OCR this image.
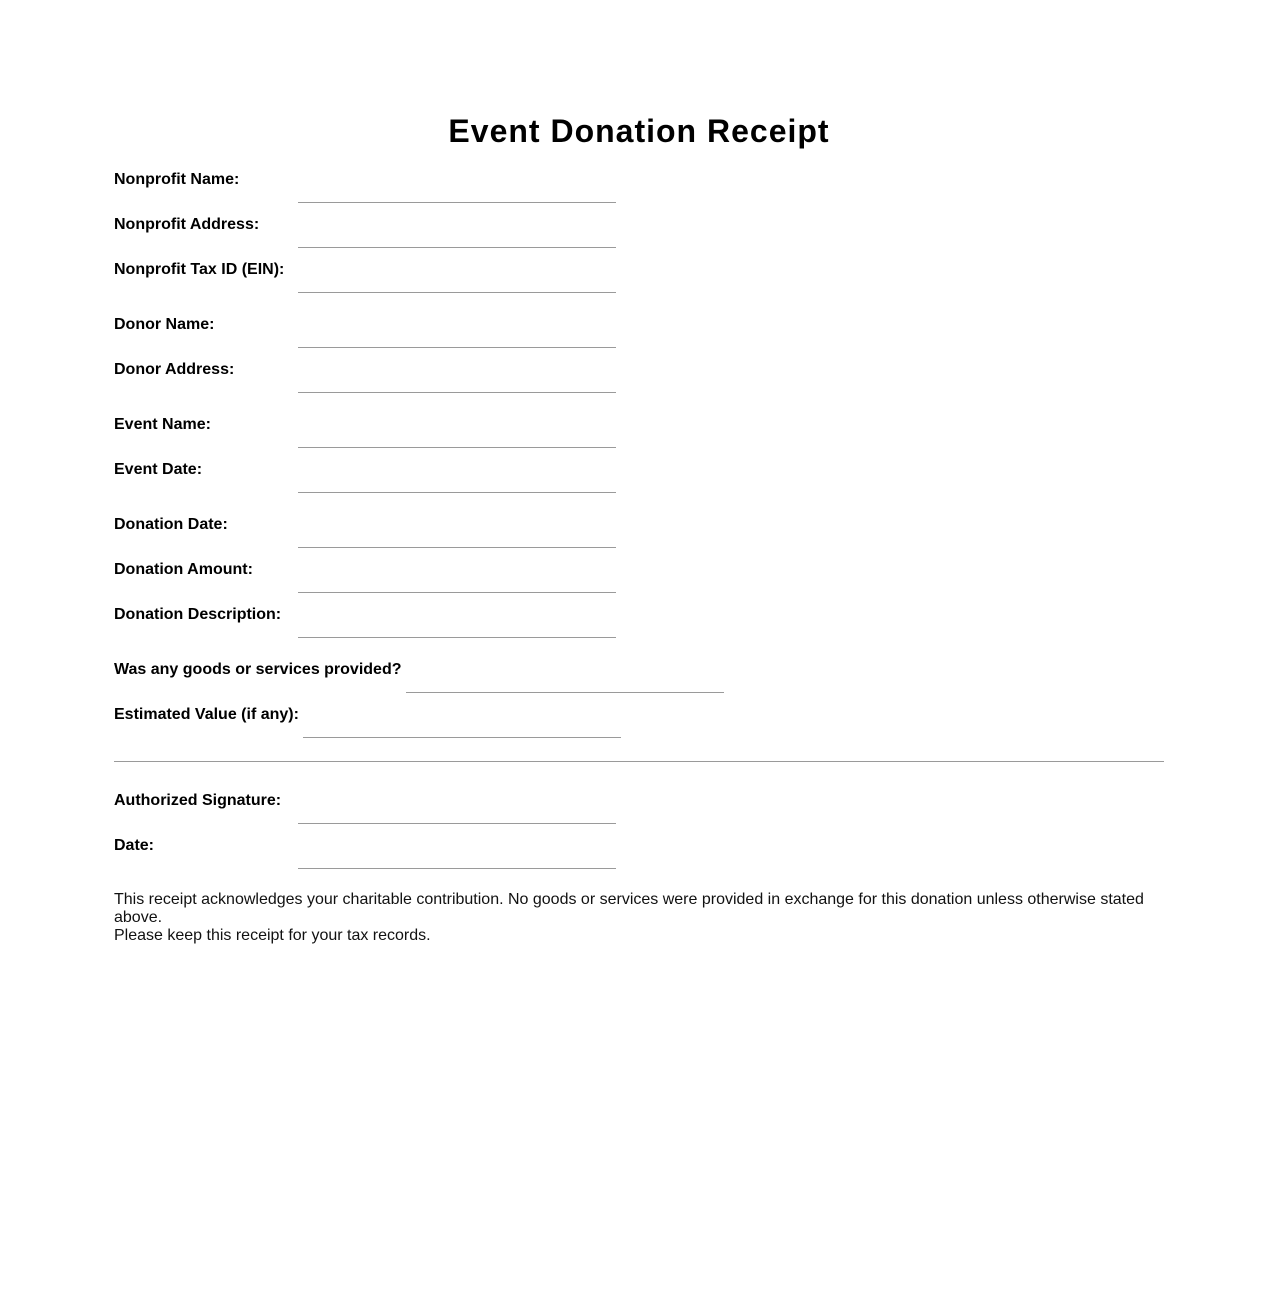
Event Donation Receipt
Nonprofit Name:
Nonprofit Address:
Nonprofit Tax ID (EIN):
Donor Name:
Donor Address:
Event Name:
Event Date:
Donation Date:
Donation Amount:
Donation Description:
Was any goods or services provided?
Estimated Value (if any):
Authorized Signature:
Date:

This receipt acknowledges your charitable contribution. No goods or services were provided in exchange for this donation unless otherwise stated above.

Please keep this receipt for your tax records.
